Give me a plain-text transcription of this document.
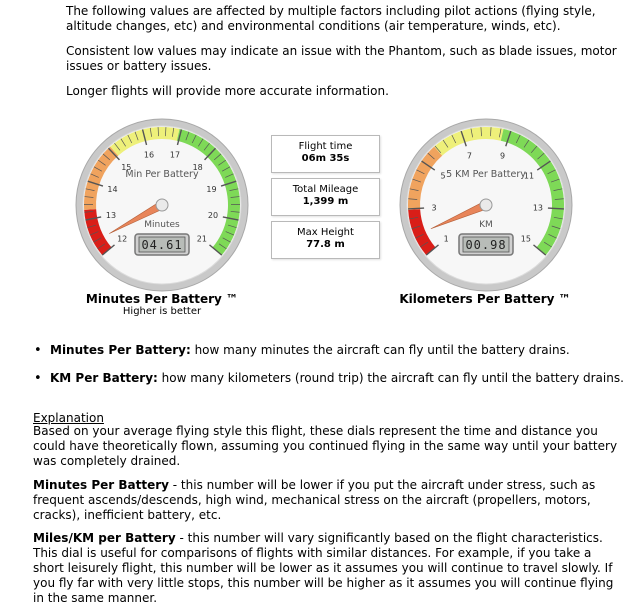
The following values are affected by multiple factors including pilot actions (flying style, altitude changes, etc) and environmental conditions (air temperature, winds, etc).

Consistent low values may indicate an issue with the Phantom, such as blade issues, motor issues or battery issues.

Longer flights will provide more accurate information.

12
13
14
15
16 17
18
19
20
21
Min Per Battery
Minutes
04.61	1
3
5
7	9
11
13
15
5 KM Per Battery
KM
00.98
Flight time
06m 35s
Total Mileage
1,399 m
Max Height
77.8 m
Minutes Per Battery ™
Higher is better
Kilometers Per Battery ™
• Minutes Per Battery: how many minutes the aircraft can fly until the battery drains.
• KM Per Battery: how many kilometers (round trip) the aircraft can fly until the battery drains.

Explanation

Based on your average flying style this flight, these dials represent the time and distance you could have theoretically flown, assuming you continued flying in the same way until your battery was completely drained.

Minutes Per Battery - this number will be lower if you put the aircraft under stress, such as frequent ascends/descends, high wind, mechanical stress on the aircraft (propellers, motors, cracks), inefficient battery, etc.

Miles/KM per Battery - this number will vary significantly based on the flight characteristics. This dial is useful for comparisons of flights with similar distances. For example, if you take a short leisurely flight, this number will be lower as it assumes you will continue to travel slowly. If you fly far with very little stops, this number will be higher as it assumes you will continue flying in the same manner.
